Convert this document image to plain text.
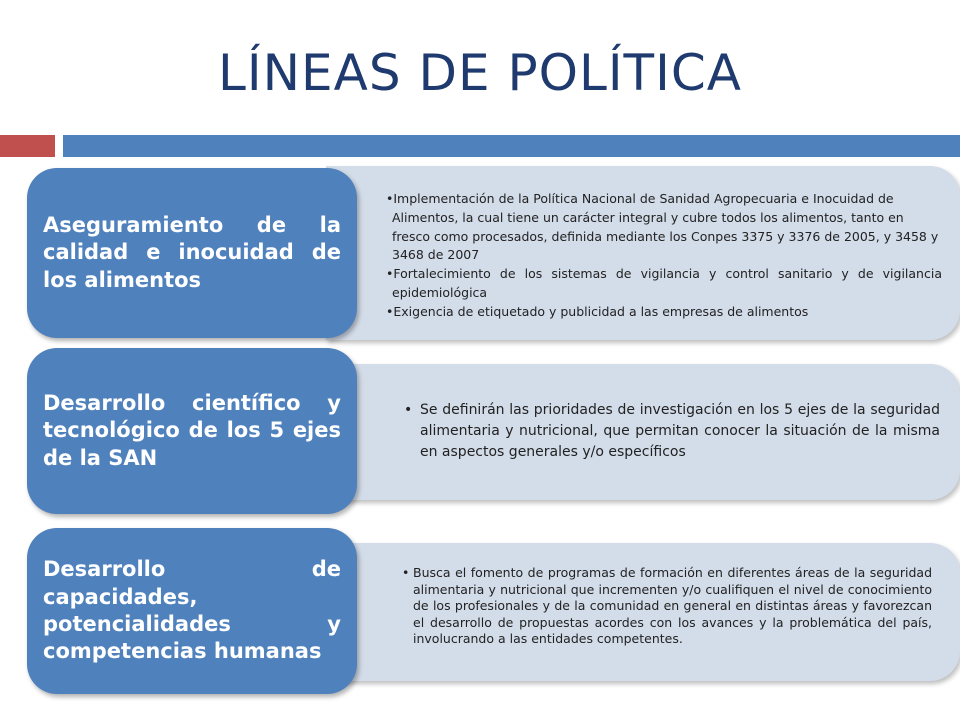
LÍNEAS DE POLÍTICA
•Implementación de la Política Nacional de Sanidad Agropecuaria e Inocuidad de Alimentos, la cual tiene un carácter integral y cubre todos los alimentos, tanto en fresco como procesados, definida mediante los Conpes 3375 y 3376 de 2005, y 3458 y 3468 de 2007
•Fortalecimiento de los sistemas de vigilancia y control sanitario y de vigilancia epidemiológica
•Exigencia de etiquetado y publicidad a las empresas de alimentos
Aseguramiento de la calidad e inocuidad de los alimentos
• Se definirán las prioridades de investigación en los 5 ejes de la seguridad alimentaria y nutricional, que permitan conocer la situación de la misma en aspectos generales y/o específicos
Desarrollo científico y tecnológico de los 5 ejes de la SAN
• Busca el fomento de programas de formación en diferentes áreas de la seguridad alimentaria y nutricional que incrementen y/o cualifiquen el nivel de conocimiento de los profesionales y de la comunidad en general en distintas áreas y favorezcan el desarrollo de propuestas acordes con los avances y la problemática del país, involucrando a las entidades competentes.
Desarrollo de capacidades, potencialidades y competencias humanas
